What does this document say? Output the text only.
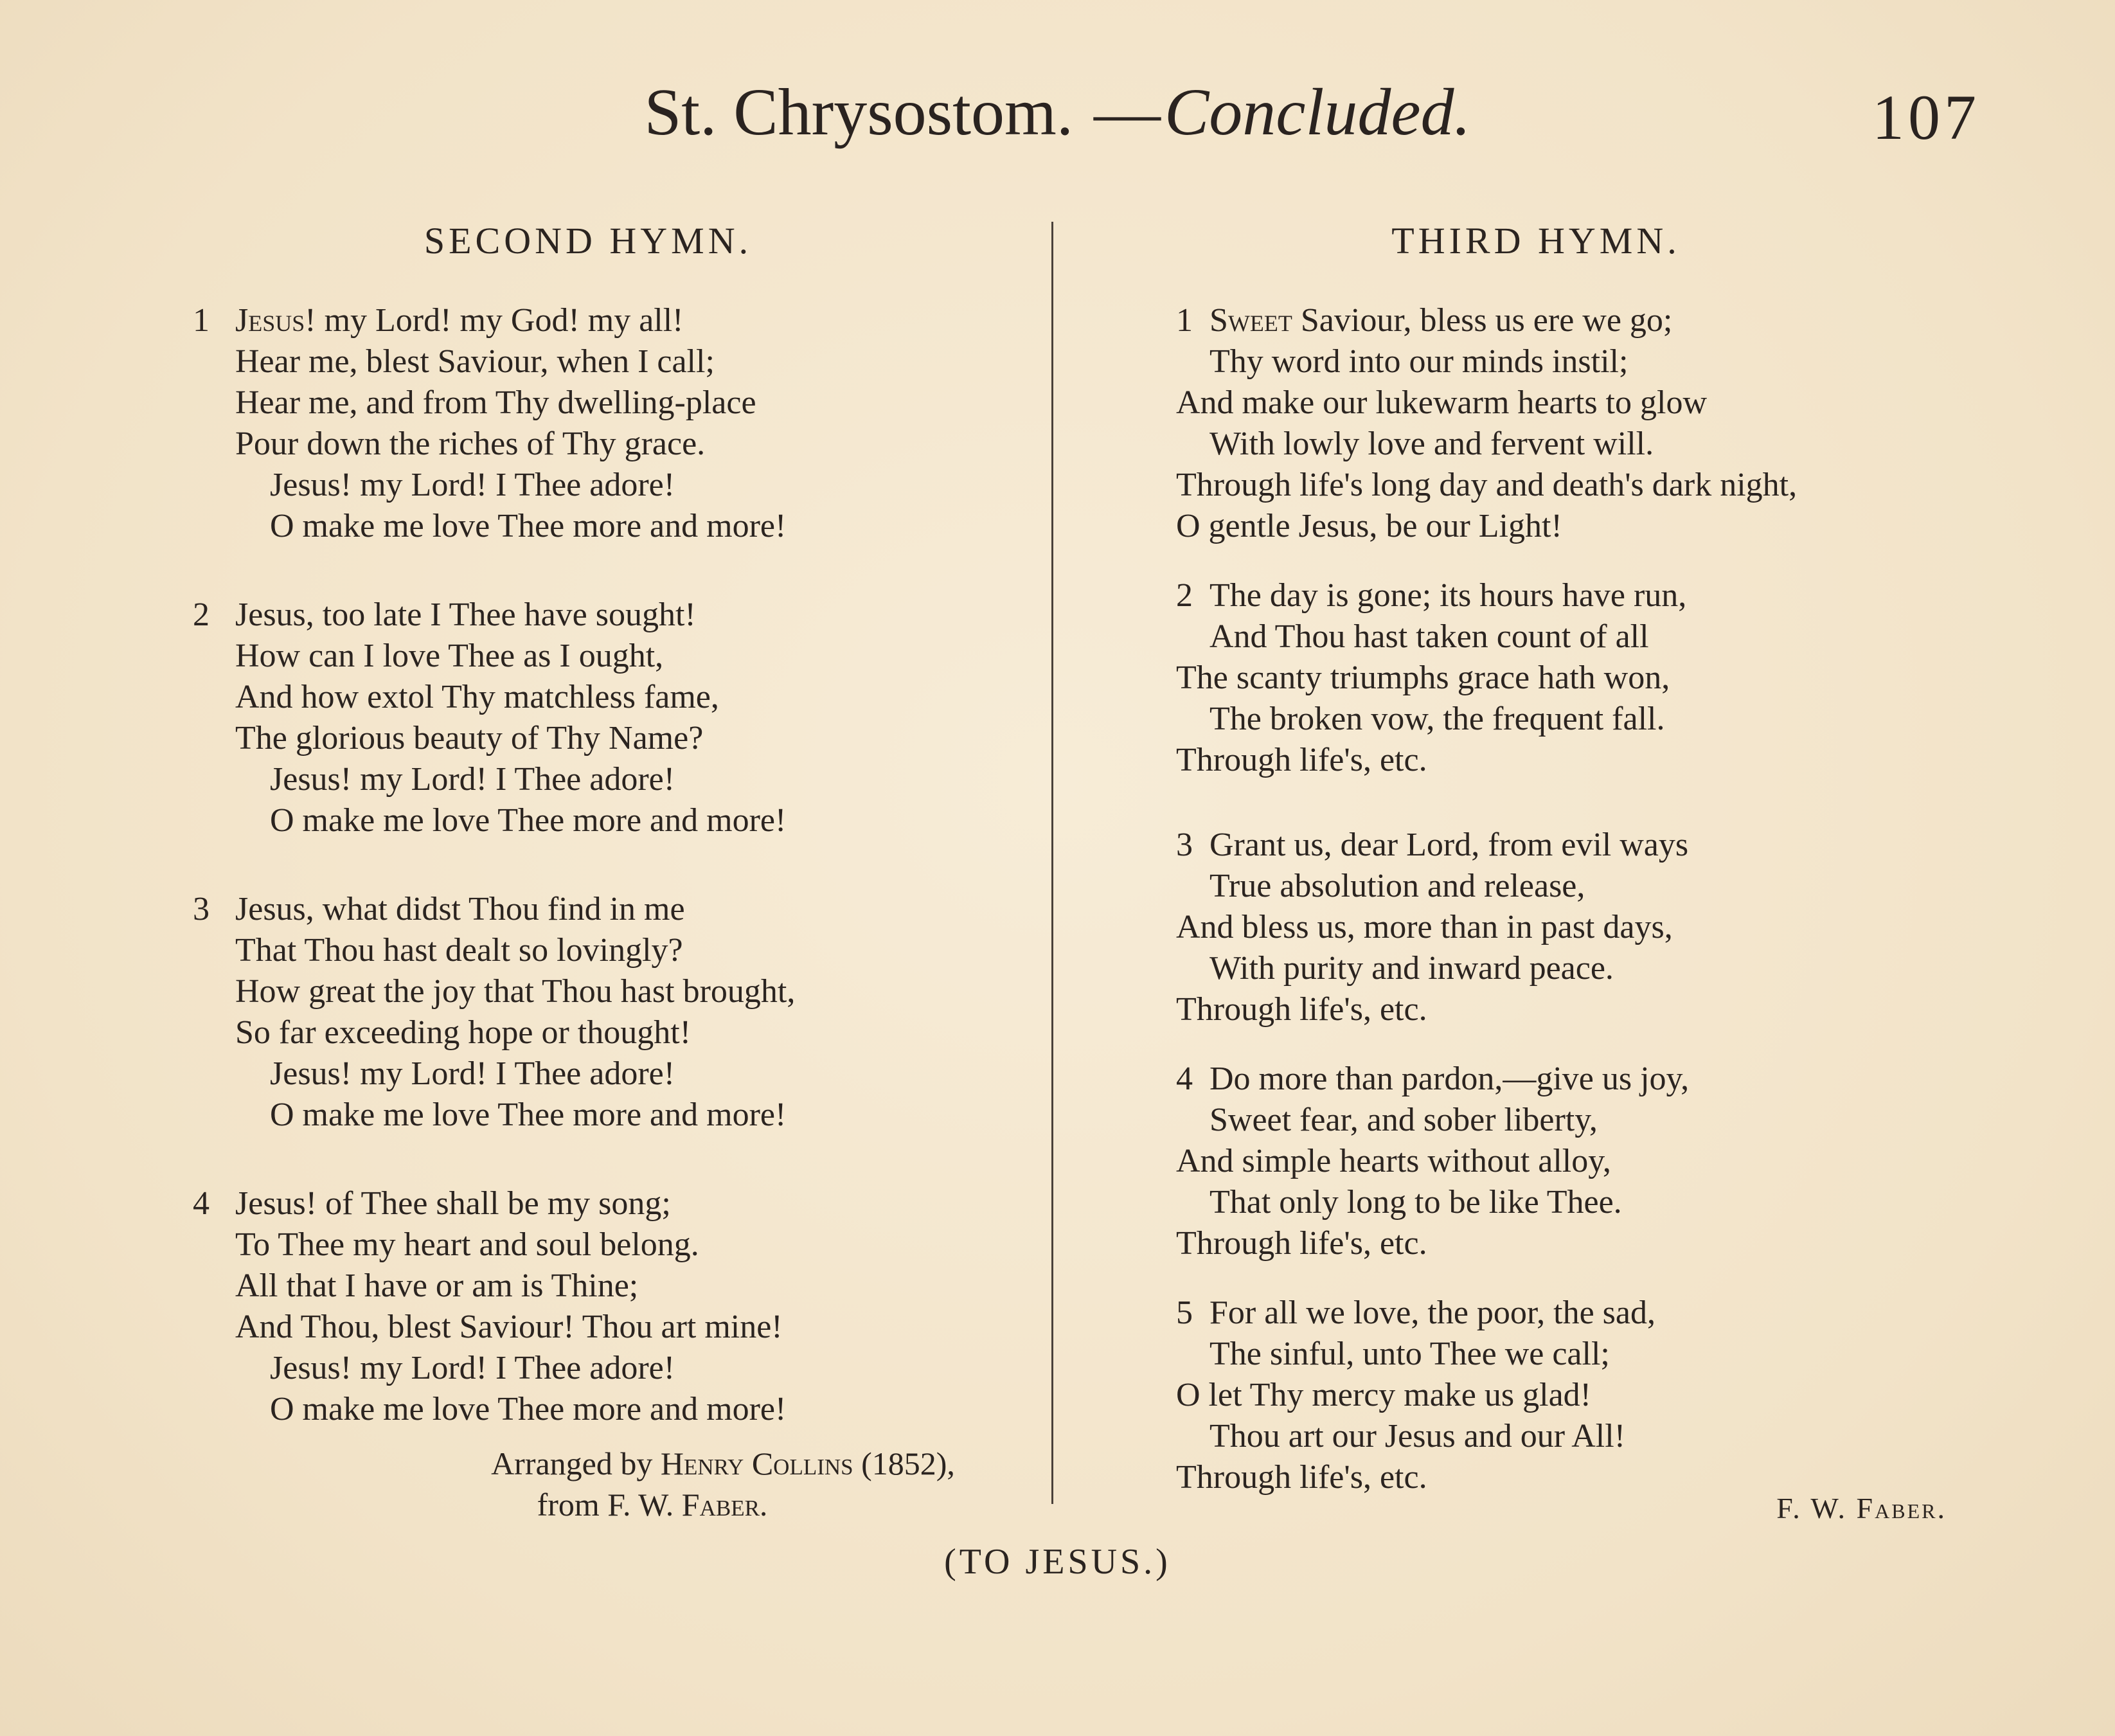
St. Chrysostom. —Concluded.	107
SECOND HYMN.
1 Jesus! my Lord! my God! my all!
Hear me, blest Saviour, when I call;
Hear me, and from Thy dwelling-place
Pour down the riches of Thy grace.
Jesus! my Lord! I Thee adore!
O make me love Thee more and more!
2 Jesus, too late I Thee have sought!
How can I love Thee as I ought,
And how extol Thy matchless fame,
The glorious beauty of Thy Name?
Jesus! my Lord! I Thee adore!
O make me love Thee more and more!
3 Jesus, what didst Thou find in me
That Thou hast dealt so lovingly?
How great the joy that Thou hast brought,
So far exceeding hope or thought!
Jesus! my Lord! I Thee adore!
O make me love Thee more and more!
4 Jesus! of Thee shall be my song;
To Thee my heart and soul belong.
All that I have or am is Thine;
And Thou, blest Saviour! Thou art mine!
Jesus! my Lord! I Thee adore!
O make me love Thee more and more!
Arranged by Henry Collins (1852),
from F. W. Faber.
THIRD HYMN.
1 Sweet Saviour, bless us ere we go;
Thy word into our minds instil;
And make our lukewarm hearts to glow
With lowly love and fervent will.
Through life's long day and death's dark night,
O gentle Jesus, be our Light!
2 The day is gone; its hours have run,
And Thou hast taken count of all
The scanty triumphs grace hath won,
The broken vow, the frequent fall.
Through life's, etc.
3 Grant us, dear Lord, from evil ways
True absolution and release,
And bless us, more than in past days,
With purity and inward peace.
Through life's, etc.
4 Do more than pardon,—give us joy,
Sweet fear, and sober liberty,
And simple hearts without alloy,
That only long to be like Thee.
Through life's, etc.
5 For all we love, the poor, the sad,
The sinful, unto Thee we call;
O let Thy mercy make us glad!
Thou art our Jesus and our All!
Through life's, etc.
F. W. Faber.
(TO JESUS.)
